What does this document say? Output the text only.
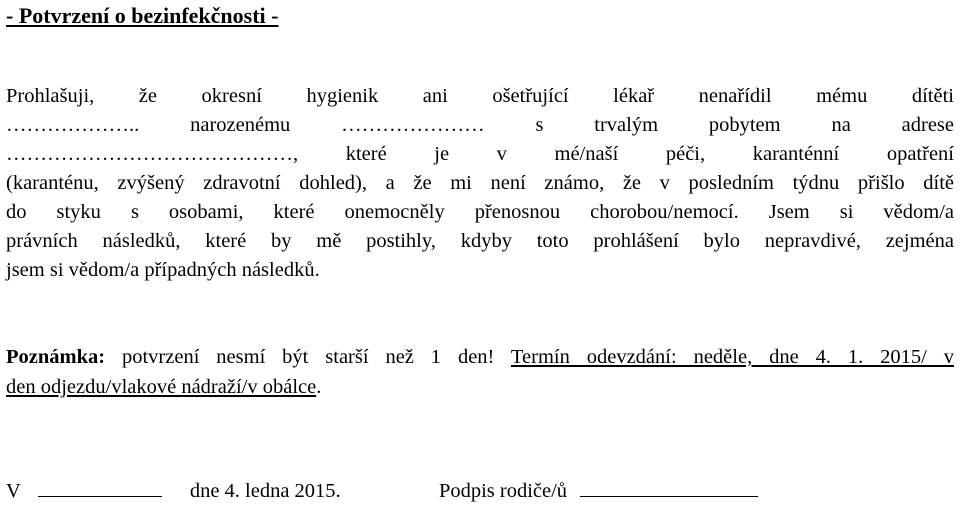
- Potvrzení o bezinfekčnosti -
Prohlašuji, že okresní hygienik ani ošetřující lékař nenařídil mému dítěti
……………….. narozenému ………………… s trvalým pobytem na adrese
……………………………………, které je v mé/naší péči, karanténní opatření
(karanténu, zvýšený zdravotní dohled), a že mi není známo, že v posledním týdnu přišlo dítě
do styku s osobami, které onemocněly přenosnou chorobou/nemocí. Jsem si vědom/a
právních následků, které by mě postihly, kdyby toto prohlášení bylo nepravdivé, zejména
jsem si vědom/a případných následků.
Poznámka: potvrzení nesmí být starší než 1 den! Termín odevzdání: neděle, dne 4. 1. 2015/ v
den odjezdu/vlakové nádraží/v obálce.
V	dne 4. ledna 2015.	Podpis rodiče/ů
